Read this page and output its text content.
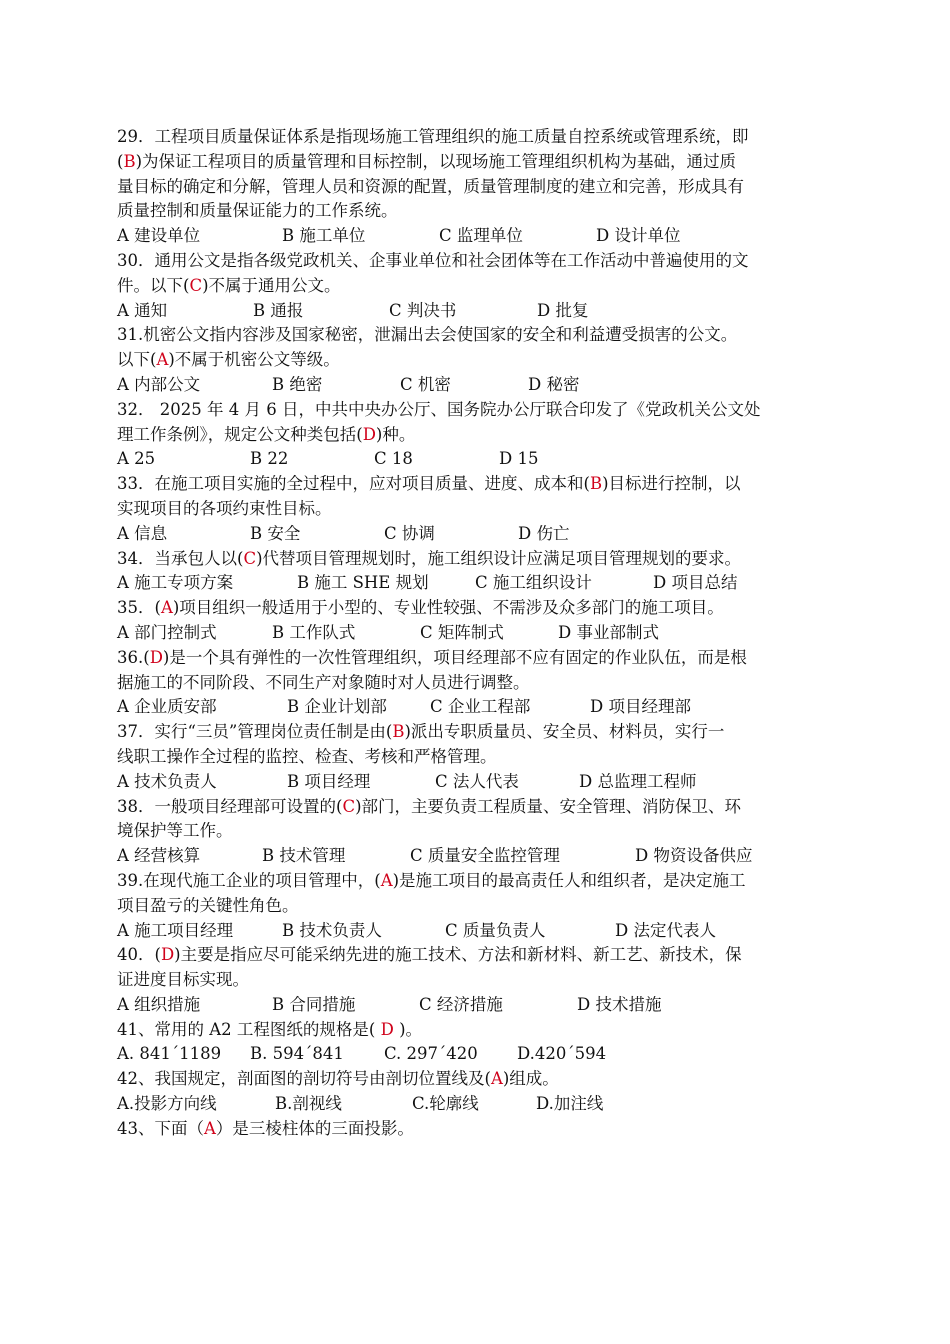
29．工程项目质量保证体系是指现场施工管理组织的施工质量自控系统或管理系统，即
(B)为保证工程项目的质量管理和目标控制，以现场施工管理组织机构为基础，通过质
量目标的确定和分解，管理人员和资源的配置，质量管理制度的建立和完善，形成具有
质量控制和质量保证能力的工作系统。
A 建设单位	B 施工单位	C 监理单位	D 设计单位
30．通用公文是指各级党政机关、企事业单位和社会团体等在工作活动中普遍使用的文
件。以下(C)不属于通用公文。
A 通知	B 通报	C 判决书	D 批复
31.机密公文指内容涉及国家秘密，泄漏出去会使国家的安全和利益遭受损害的公文。
以下(A)不属于机密公文等级。
A 内部公文	B 绝密	C 机密	D 秘密
32． 2025 年 4 月 6 日，中共中央办公厅、国务院办公厅联合印发了《党政机关公文处
理工作条例》，规定公文种类包括(D)种。
A 25	B 22	C 18	D 15
33．在施工项目实施的全过程中，应对项目质量、进度、成本和(B)目标进行控制，以
实现项目的各项约束性目标。
A 信息	B 安全	C 协调	D 伤亡
34．当承包人以(C)代替项目管理规划时，施工组织设计应满足项目管理规划的要求。
A 施工专项方案	B 施工 SHE 规划	C 施工组织设计	D 项目总结
35．(A)项目组织一般适用于小型的、专业性较强、不需涉及众多部门的施工项目。
A 部门控制式	B 工作队式	C 矩阵制式	D 事业部制式
36.(D)是一个具有弹性的一次性管理组织，项目经理部不应有固定的作业队伍，而是根
据施工的不同阶段、不同生产对象随时对人员进行调整。
A 企业质安部	B 企业计划部	C 企业工程部	D 项目经理部
37．实行“三员”管理岗位责任制是由(B)派出专职质量员、安全员、材料员，实行一
线职工操作全过程的监控、检查、考核和严格管理。
A 技术负责人	B 项目经理	C 法人代表	D 总监理工程师
38．一般项目经理部可设置的(C)部门，主要负责工程质量、安全管理、消防保卫、环
境保护等工作。
A 经营核算	B 技术管理	C 质量安全监控管理	D 物资设备供应
39.在现代施工企业的项目管理中，(A)是施工项目的最高责任人和组织者，是决定施工
项目盈亏的关键性角色。
A 施工项目经理	B 技术负责人	C 质量负责人	D 法定代表人
40．(D)主要是指应尽可能采纳先进的施工技术、方法和新材料、新工艺、新技术，保
证进度目标实现。
A 组织措施	B 合同措施	C 经济措施	D 技术措施
41、常用的 A2 工程图纸的规格是( D )。
A. 841´1189	B. 594´841	C. 297´420	D.420´594
42、我国规定，剖面图的剖切符号由剖切位置线及(A)组成。
A.投影方向线	B.剖视线	C.轮廓线	D.加注线
43、下面（A）是三棱柱体的三面投影。
